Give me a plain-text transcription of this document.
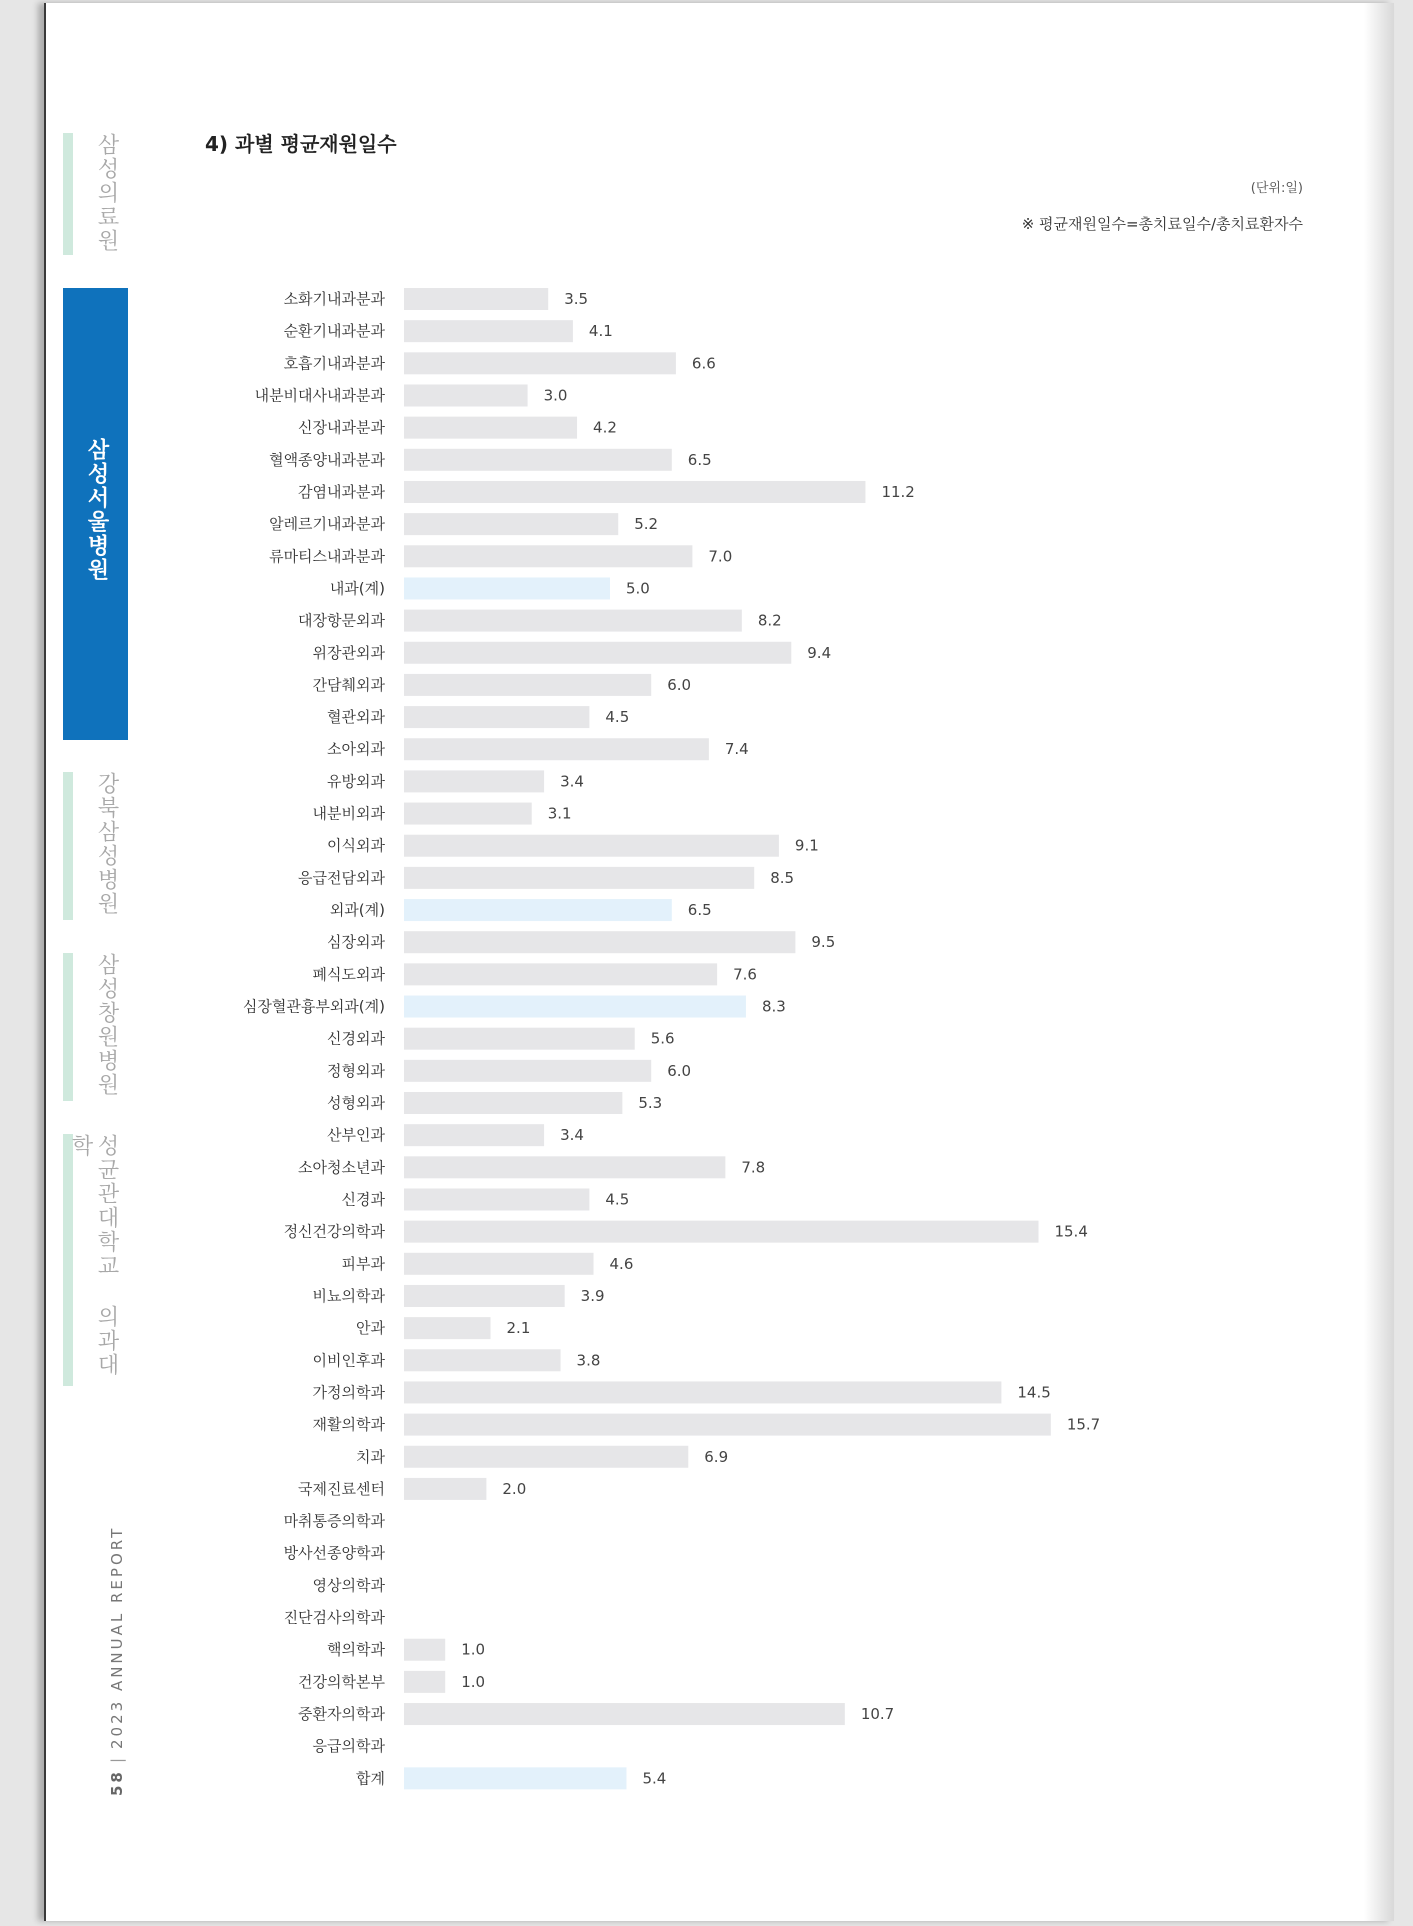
삼성의료원
삼성서울병원
강북삼성병원
삼성창원병원
성균관대학교 의과대학
58
|
2023 ANNUAL REPORT
4) 과별 평균재원일수
(단위:일)
※ 평균재원일수=총치료일수/총치료환자수
소화기내과분과	3.5
순환기내과분과	4.1
호흡기내과분과	6.6
내분비대사내과분과	3.0
신장내과분과	4.2
혈액종양내과분과	6.5
감염내과분과	11.2
알레르기내과분과	5.2
류마티스내과분과	7.0
내과(계)	5.0
대장항문외과	8.2
위장관외과	9.4
간담췌외과	6.0
혈관외과	4.5
소아외과	7.4
유방외과	3.4
내분비외과	3.1
이식외과	9.1
응급전담외과	8.5
외과(계)	6.5
심장외과	9.5
폐식도외과	7.6
심장혈관흉부외과(계)	8.3
신경외과	5.6
정형외과	6.0
성형외과	5.3
산부인과	3.4
소아청소년과	7.8
신경과	4.5
정신건강의학과	15.4
피부과	4.6
비뇨의학과	3.9
안과	2.1
이비인후과	3.8
가정의학과	14.5
재활의학과	15.7
치과	6.9
국제진료센터	2.0
마취통증의학과
방사선종양학과
영상의학과
진단검사의학과
핵의학과	1.0
건강의학본부	1.0
중환자의학과	10.7
응급의학과
합계	5.4
